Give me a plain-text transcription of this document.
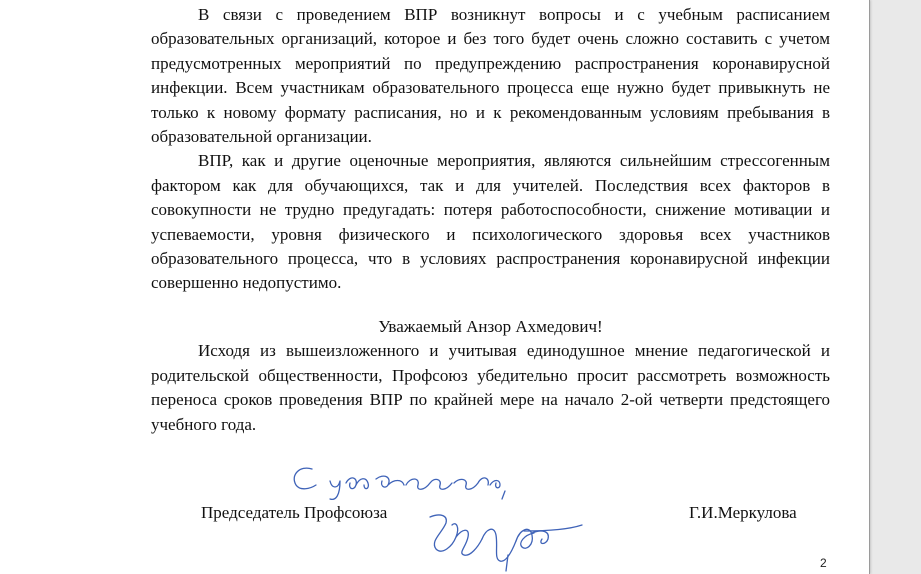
В связи с проведением ВПР возникнут вопросы и с учебным расписанием образовательных организаций, которое и без того будет очень сложно составить с учетом предусмотренных мероприятий по предупреждению распространения коронавирусной инфекции. Всем участникам образовательного процесса еще нужно будет привыкнуть не только к новому формату расписания, но и к рекомендованным условиям пребывания в образовательной организации.

ВПР, как и другие оценочные мероприятия, являются сильнейшим стрессогенным фактором как для обучающихся, так и для учителей. Последствия всех факторов в совокупности не трудно предугадать: потеря работоспособности, снижение мотивации и успеваемости, уровня физического и психологического здоровья всех участников образовательного процесса, что в условиях распространения коронавирусной инфекции совершенно недопустимо.

Уважаемый Анзор Ахмедович!

Исходя из вышеизложенного и учитывая единодушное мнение педагогической и родительской общественности, Профсоюз убедительно просит рассмотреть возможность переноса сроков проведения ВПР по крайней мере на начало 2-ой четверти предстоящего учебного года.

Председатель Профсоюза	Г.И.Меркулова
2
